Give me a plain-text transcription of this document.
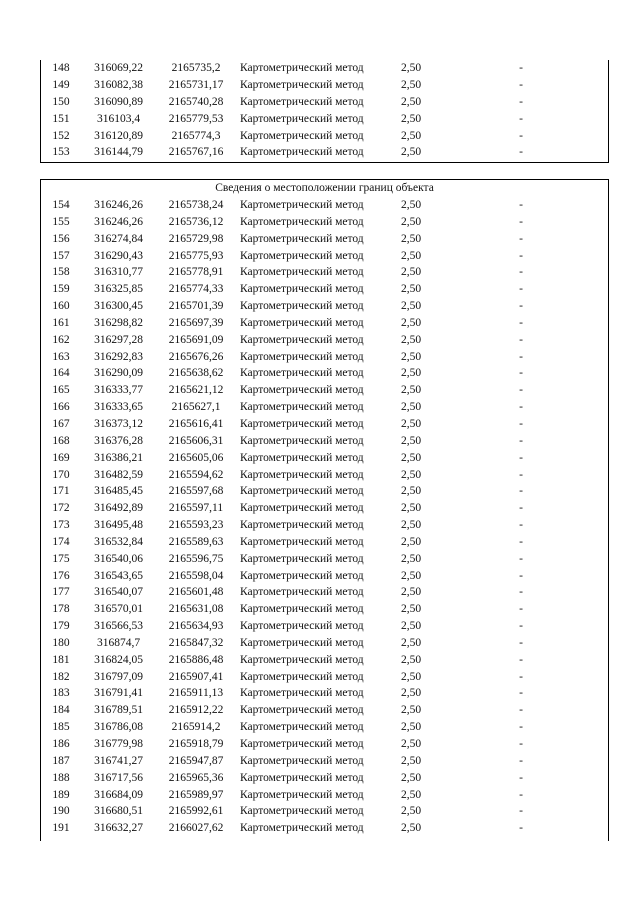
148	316069,22	2165735,2	Картометрический метод	2,50	-
149	316082,38	2165731,17	Картометрический метод	2,50	-
150	316090,89	2165740,28	Картометрический метод	2,50	-
151	316103,4	2165779,53	Картометрический метод	2,50	-
152	316120,89	2165774,3	Картометрический метод	2,50	-
153	316144,79	2165767,16	Картометрический метод	2,50	-
Сведения о местоположении границ объекта
154	316246,26	2165738,24	Картометрический метод	2,50	-
155	316246,26	2165736,12	Картометрический метод	2,50	-
156	316274,84	2165729,98	Картометрический метод	2,50	-
157	316290,43	2165775,93	Картометрический метод	2,50	-
158	316310,77	2165778,91	Картометрический метод	2,50	-
159	316325,85	2165774,33	Картометрический метод	2,50	-
160	316300,45	2165701,39	Картометрический метод	2,50	-
161	316298,82	2165697,39	Картометрический метод	2,50	-
162	316297,28	2165691,09	Картометрический метод	2,50	-
163	316292,83	2165676,26	Картометрический метод	2,50	-
164	316290,09	2165638,62	Картометрический метод	2,50	-
165	316333,77	2165621,12	Картометрический метод	2,50	-
166	316333,65	2165627,1	Картометрический метод	2,50	-
167	316373,12	2165616,41	Картометрический метод	2,50	-
168	316376,28	2165606,31	Картометрический метод	2,50	-
169	316386,21	2165605,06	Картометрический метод	2,50	-
170	316482,59	2165594,62	Картометрический метод	2,50	-
171	316485,45	2165597,68	Картометрический метод	2,50	-
172	316492,89	2165597,11	Картометрический метод	2,50	-
173	316495,48	2165593,23	Картометрический метод	2,50	-
174	316532,84	2165589,63	Картометрический метод	2,50	-
175	316540,06	2165596,75	Картометрический метод	2,50	-
176	316543,65	2165598,04	Картометрический метод	2,50	-
177	316540,07	2165601,48	Картометрический метод	2,50	-
178	316570,01	2165631,08	Картометрический метод	2,50	-
179	316566,53	2165634,93	Картометрический метод	2,50	-
180	316874,7	2165847,32	Картометрический метод	2,50	-
181	316824,05	2165886,48	Картометрический метод	2,50	-
182	316797,09	2165907,41	Картометрический метод	2,50	-
183	316791,41	2165911,13	Картометрический метод	2,50	-
184	316789,51	2165912,22	Картометрический метод	2,50	-
185	316786,08	2165914,2	Картометрический метод	2,50	-
186	316779,98	2165918,79	Картометрический метод	2,50	-
187	316741,27	2165947,87	Картометрический метод	2,50	-
188	316717,56	2165965,36	Картометрический метод	2,50	-
189	316684,09	2165989,97	Картометрический метод	2,50	-
190	316680,51	2165992,61	Картометрический метод	2,50	-
191	316632,27	2166027,62	Картометрический метод	2,50	-
